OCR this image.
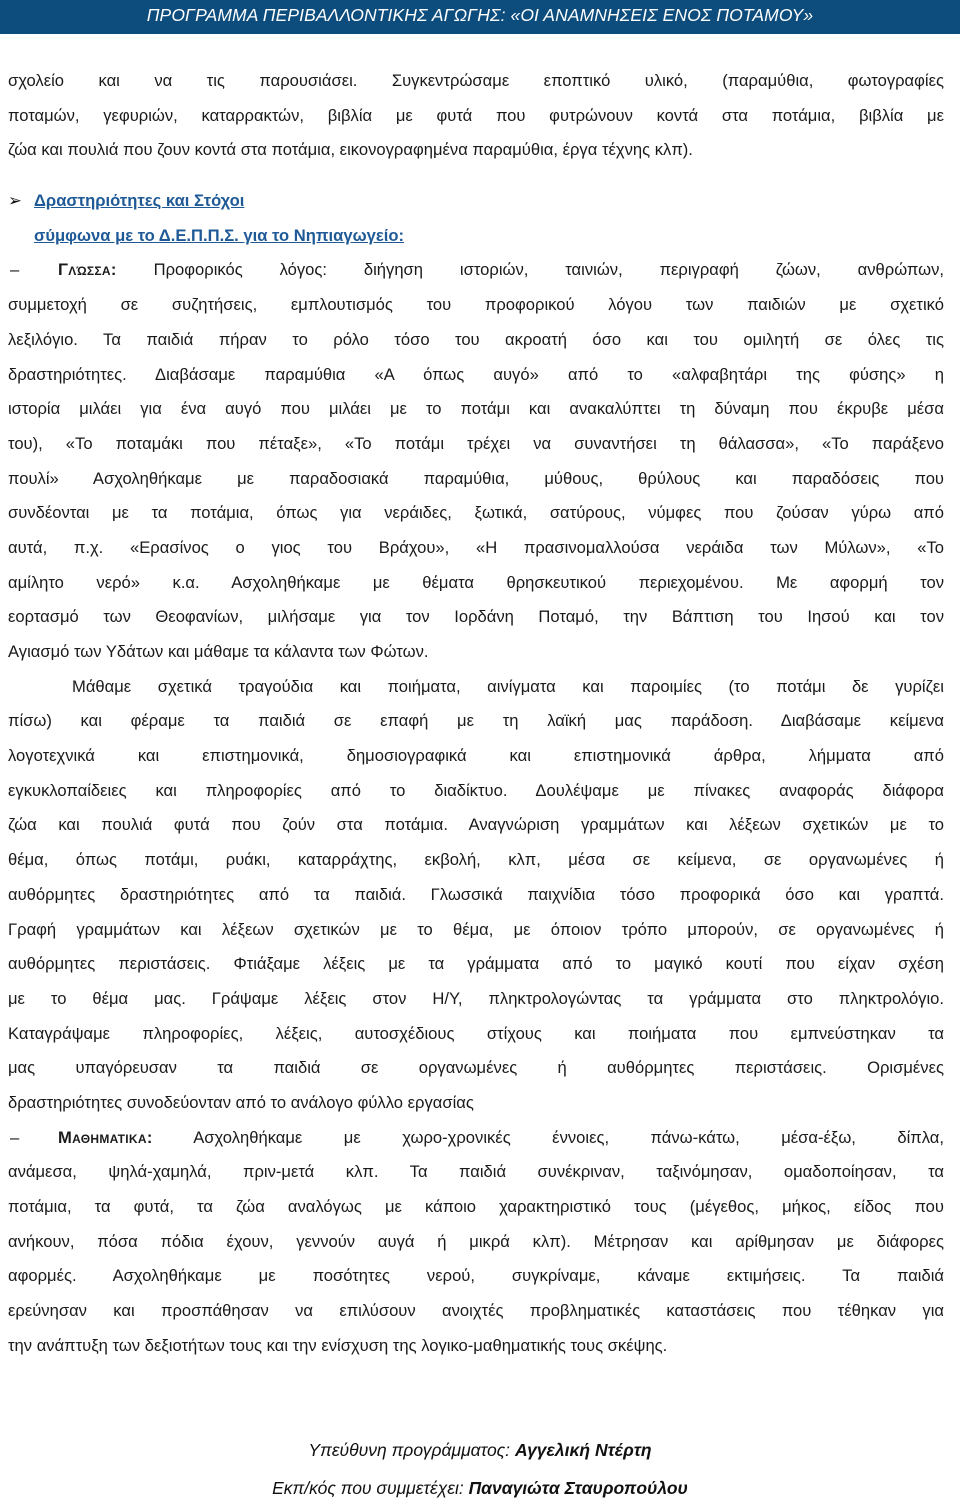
ΠΡΟΓΡΑΜΜΑ ΠΕΡΙΒΑΛΛΟΝΤΙΚΗΣ ΑΓΩΓΗΣ: «ΟΙ ΑΝΑΜΝΗΣΕΙΣ ΕΝΟΣ ΠΟΤΑΜΟΥ»
σχολείο και να τις παρουσιάσει. Συγκεντρώσαμε εποπτικό υλικό, (παραμύθια, φωτογραφίες
ποταμών, γεφυριών, καταρρακτών, βιβλία με φυτά που φυτρώνουν κοντά στα ποτάμια, βιβλία με
ζώα και πουλιά που ζουν κοντά στα ποτάμια, εικονογραφημένα παραμύθια, έργα τέχνης κλπ).
➢ Δραστηριότητες και Στόχοι
σύμφωνα με το Δ.Ε.Π.Π.Σ. για το Νηπιαγωγείο:
– Γλώσσα: Προφορικός λόγος: διήγηση ιστοριών, ταινιών, περιγραφή ζώων, ανθρώπων,
συμμετοχή σε συζητήσεις, εμπλουτισμός του προφορικού λόγου των παιδιών με σχετικό
λεξιλόγιο. Τα παιδιά πήραν το ρόλο τόσο του ακροατή όσο και του ομιλητή σε όλες τις
δραστηριότητες. Διαβάσαμε παραμύθια «Α όπως αυγό» από το «αλφαβητάρι της φύσης» η
ιστορία μιλάει για ένα αυγό που μιλάει με το ποτάμι και ανακαλύπτει τη δύναμη που έκρυβε μέσα
του), «Το ποταμάκι που πέταξε», «Το ποτάμι τρέχει να συναντήσει τη θάλασσα», «Το παράξενο
πουλί» Ασχοληθήκαμε με παραδοσιακά παραμύθια, μύθους, θρύλους και παραδόσεις που
συνδέονται με τα ποτάμια, όπως για νεράιδες, ξωτικά, σατύρους, νύμφες που ζούσαν γύρω από
αυτά, π.χ. «Ερασίνος ο γιος του Βράχου», «Η πρασινομαλλούσα νεράιδα των Μύλων», «Το
αμίλητο νερό» κ.α. Ασχοληθήκαμε με θέματα θρησκευτικού περιεχομένου. Με αφορμή τον
εορτασμό των Θεοφανίων, μιλήσαμε για τον Ιορδάνη Ποταμό, την Βάπτιση του Ιησού και τον
Αγιασμό των Υδάτων και μάθαμε τα κάλαντα των Φώτων.
Μάθαμε σχετικά τραγούδια και ποιήματα, αινίγματα και παροιμίες (το ποτάμι δε γυρίζει
πίσω) και φέραμε τα παιδιά σε επαφή με τη λαϊκή μας παράδοση. Διαβάσαμε κείμενα
λογοτεχνικά και επιστημονικά, δημοσιογραφικά και επιστημονικά άρθρα, λήμματα από
εγκυκλοπαίδειες και πληροφορίες από το διαδίκτυο. Δουλέψαμε με πίνακες αναφοράς διάφορα
ζώα και πουλιά φυτά που ζούν στα ποτάμια. Αναγνώριση γραμμάτων και λέξεων σχετικών με το
θέμα, όπως ποτάμι, ρυάκι, καταρράχτης, εκβολή, κλπ, μέσα σε κείμενα, σε οργανωμένες ή
αυθόρμητες δραστηριότητες από τα παιδιά. Γλωσσικά παιχνίδια τόσο προφορικά όσο και γραπτά.
Γραφή γραμμάτων και λέξεων σχετικών με το θέμα, με όποιον τρόπο μπορούν, σε οργανωμένες ή
αυθόρμητες περιστάσεις. Φτιάξαμε λέξεις με τα γράμματα από το μαγικό κουτί που είχαν σχέση
με το θέμα μας. Γράψαμε λέξεις στον Η/Υ, πληκτρολογώντας τα γράμματα στο πληκτρολόγιο.
Καταγράψαμε πληροφορίες, λέξεις, αυτοσχέδιους στίχους και ποιήματα που εμπνεύστηκαν τα
μας υπαγόρευσαν τα παιδιά σε οργανωμένες ή αυθόρμητες περιστάσεις. Ορισμένες
δραστηριότητες συνοδεύονταν από το ανάλογο φύλλο εργασίας
– Μαθηματικα: Ασχοληθήκαμε με χωρο-χρονικές έννοιες, πάνω-κάτω, μέσα-έξω, δίπλα,
ανάμεσα, ψηλά-χαμηλά, πριν-μετά κλπ. Τα παιδιά συνέκριναν, ταξινόμησαν, ομαδοποίησαν, τα
ποτάμια, τα φυτά, τα ζώα αναλόγως με κάποιο χαρακτηριστικό τους (μέγεθος, μήκος, είδος που
ανήκουν, πόσα πόδια έχουν, γεννούν αυγά ή μικρά κλπ). Μέτρησαν και αρίθμησαν με διάφορες
αφορμές. Ασχοληθήκαμε με ποσότητες νερού, συγκρίναμε, κάναμε εκτιμήσεις. Τα παιδιά
ερεύνησαν και προσπάθησαν να επιλύσουν ανοιχτές προβληματικές καταστάσεις που τέθηκαν για
την ανάπτυξη των δεξιοτήτων τους και την ενίσχυση της λογικο-μαθηματικής τους σκέψης.
Υπεύθυνη προγράμματος: Αγγελική Ντέρτη
Εκπ/κός που συμμετέχει: Παναγιώτα Σταυροπούλου
